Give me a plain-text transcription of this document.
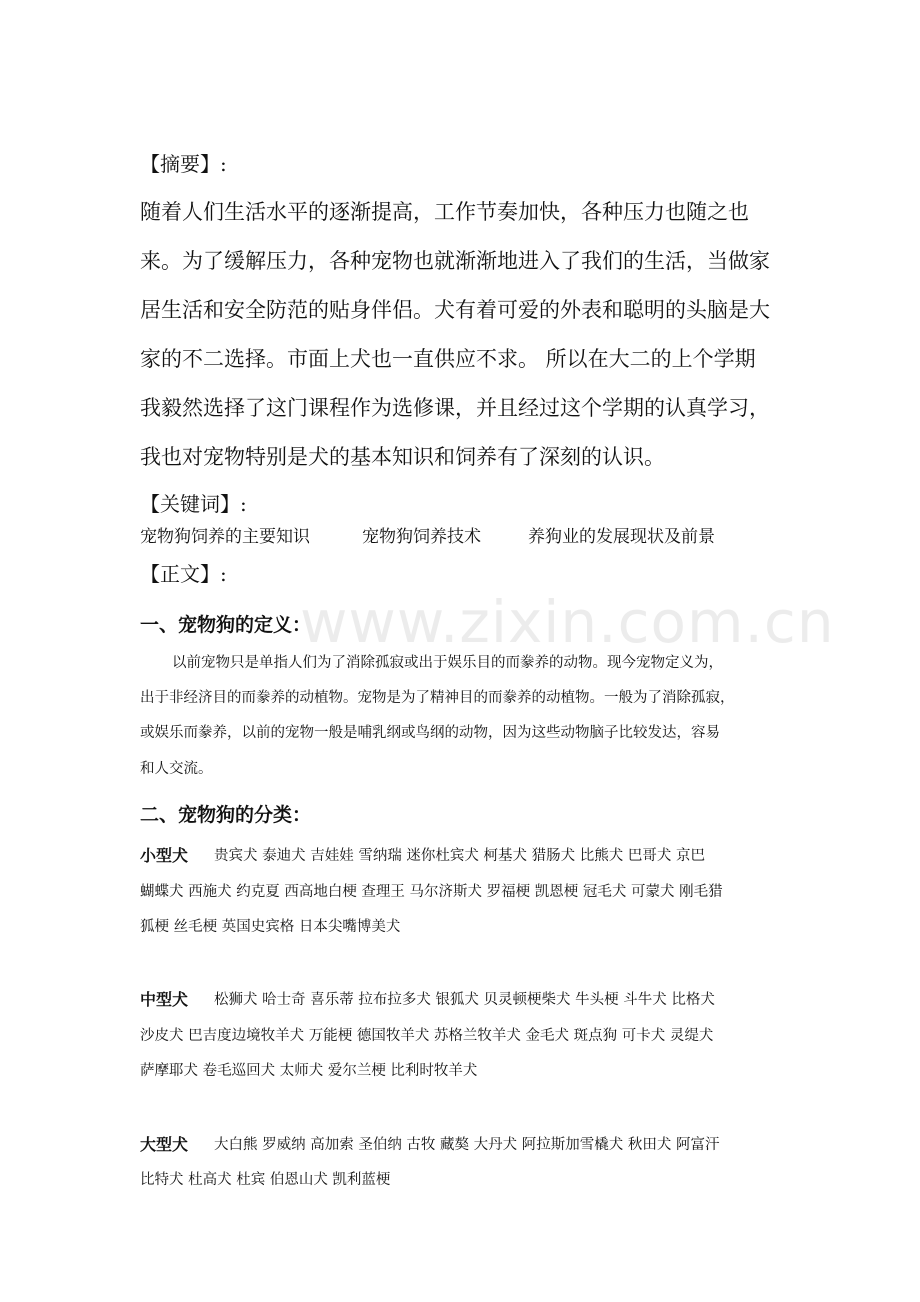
www.zixin.com.cn
【摘要】:
随着人们生活水平的逐渐提高，工作节奏加快，各种压力也随之也
来。为了缓解压力，各种宠物也就渐渐地进入了我们的生活，当做家
居生活和安全防范的贴身伴侣。犬有着可爱的外表和聪明的头脑是大
家的不二选择。市面上犬也一直供应不求。 所以在大二的上个学期
我毅然选择了这门课程作为选修课，并且经过这个学期的认真学习，
我也对宠物特别是犬的基本知识和饲养有了深刻的认识。
【关键词】:
宠物狗饲养的主要知识	宠物狗饲养技术	养狗业的发展现状及前景
【正文】:
一、宠物狗的定义：
以前宠物只是单指人们为了消除孤寂或出于娱乐目的而豢养的动物。现今宠物定义为，
出于非经济目的而豢养的动植物。宠物是为了精神目的而豢养的动植物。一般为了消除孤寂，
或娱乐而豢养，以前的宠物一般是哺乳纲或鸟纲的动物，因为这些动物脑子比较发达，容易
和人交流。
二、宠物狗的分类：
小型犬 贵宾犬 泰迪犬 吉娃娃 雪纳瑞 迷你杜宾犬 柯基犬 猎肠犬 比熊犬 巴哥犬 京巴
蝴蝶犬 西施犬 约克夏 西高地白梗 查理王 马尔济斯犬 罗福梗 凯恩梗 冠毛犬 可蒙犬 刚毛猎
狐梗 丝毛梗 英国史宾格 日本尖嘴博美犬
中型犬 松狮犬 哈士奇 喜乐蒂 拉布拉多犬 银狐犬 贝灵顿梗柴犬 牛头梗 斗牛犬 比格犬
沙皮犬 巴吉度边境牧羊犬 万能梗 德国牧羊犬 苏格兰牧羊犬 金毛犬 斑点狗 可卡犬 灵缇犬
萨摩耶犬 卷毛巡回犬 太师犬 爱尔兰梗 比利时牧羊犬
大型犬 大白熊 罗威纳 高加索 圣伯纳 古牧 藏獒 大丹犬 阿拉斯加雪橇犬 秋田犬 阿富汗
比特犬 杜高犬 杜宾 伯恩山犬 凯利蓝梗
